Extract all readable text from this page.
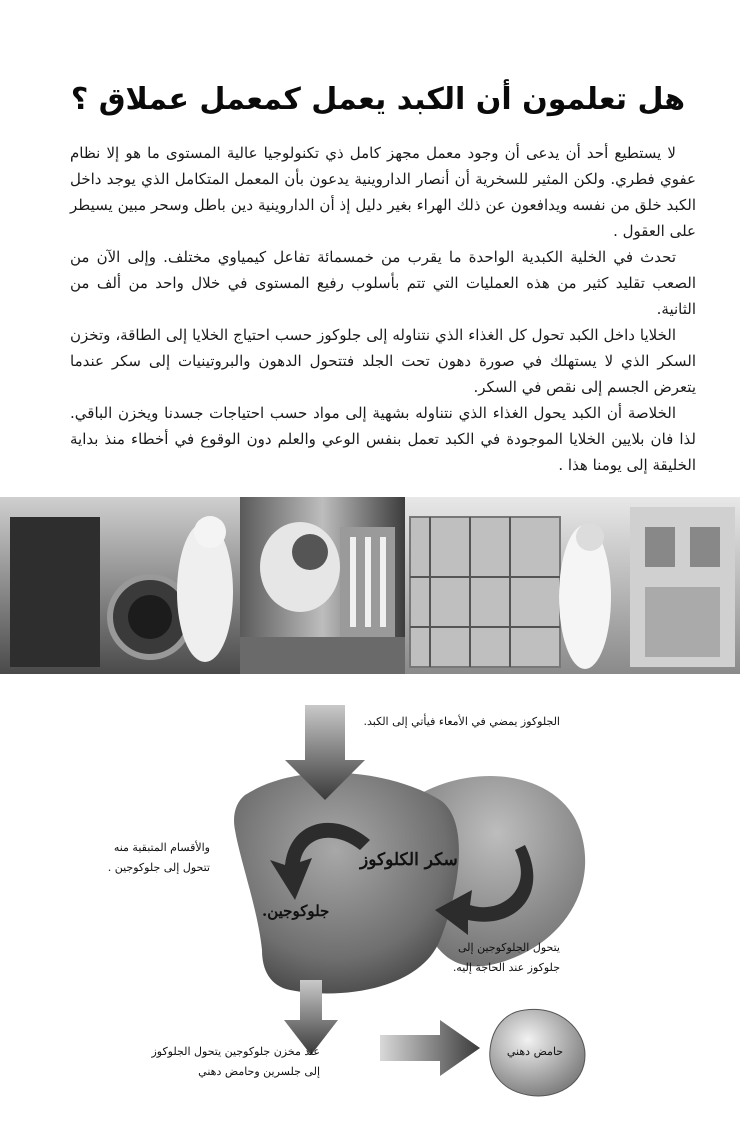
هل تعلمون أن الكبد يعمل كمعمل عملاق ؟

لا يستطيع أحد أن يدعى أن وجود معمل مجهز كامل ذي تكنولوجيا عالية المستوى ما هو إلا نظام عفوي فطري. ولكن المثير للسخرية أن أنصار الداروينية يدعون بأن المعمل المتكامل الذي يوجد داخل الكبد خلق من نفسه ويدافعون عن ذلك الهراء بغير دليل إذ أن الداروينية دين باطل وسحر مبين يسيطر على العقول .

تحدث في الخلية الكبدية الواحدة ما يقرب من خمسمائة تفاعل كيمياوي مختلف. وإلى الآن من الصعب تقليد كثير من هذه العمليات التي تتم بأسلوب رفيع المستوى في خلال واحد من ألف من الثانية.

الخلايا داخل الكبد تحول كل الغذاء الذي نتناوله إلى جلوكوز حسب احتياج الخلايا إلى الطاقة، وتخزن السكر الذي لا يستهلك في صورة دهون تحت الجلد فتتحول الدهون والبروتينيات إلى سكر عندما يتعرض الجسم إلى نقص في السكر.

الخلاصة أن الكبد يحول الغذاء الذي نتناوله بشهية إلى مواد حسب احتياجات جسدنا ويخزن الباقي. لذا فان بلايين الخلايا الموجودة في الكبد تعمل بنفس الوعي والعلم دون الوقوع في أخطاء منذ بداية الخليقة إلى يومنا هذا .

الجلوكوز يمضي في الأمعاء فيأتي إلى الكبد.
والأقسام المتبقية منه
تتحول إلى جلوكوجين .	سكر الكلوكوز
جلوكوجين.
يتحول الجلوكوجين إلى
جلوكوز عند الحاجة إليه.
عند مخزن جلوكوجين يتحول الجلوكوز
إلى جلسرين وحامض دهني
حامض دهني
